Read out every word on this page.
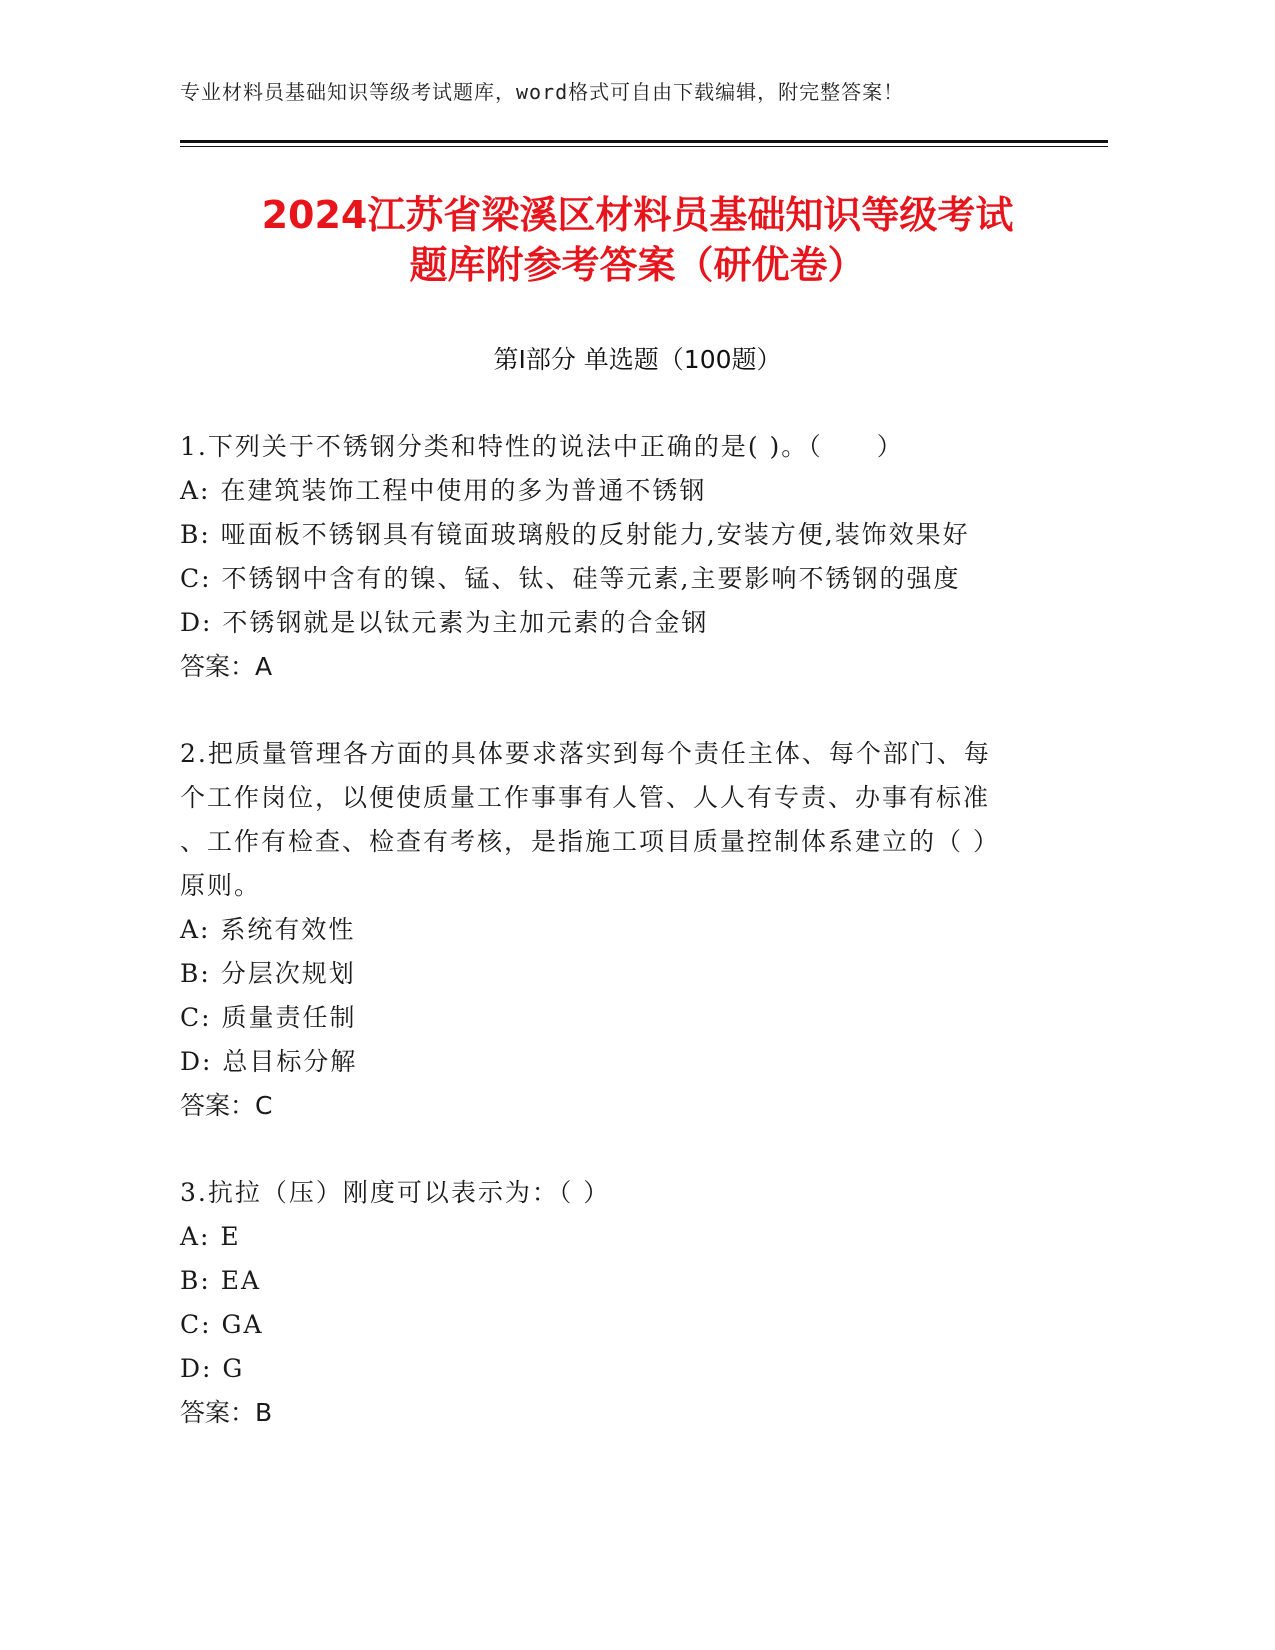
专业材料员基础知识等级考试题库，word格式可自由下载编辑，附完整答案！
2024江苏省梁溪区材料员基础知识等级考试
题库附参考答案（研优卷）
第Ⅰ部分 单选题（100题）
1.下列关于不锈钢分类和特性的说法中正确的是( )。（　　）
A: 在建筑装饰工程中使用的多为普通不锈钢
B: 哑面板不锈钢具有镜面玻璃般的反射能力,安装方便,装饰效果好
C: 不锈钢中含有的镍、锰、钛、硅等元素,主要影响不锈钢的强度
D: 不锈钢就是以钛元素为主加元素的合金钢
答案：A
2.把质量管理各方面的具体要求落实到每个责任主体、每个部门、每
个工作岗位，以便使质量工作事事有人管、人人有专责、办事有标准
、工作有检查、检查有考核，是指施工项目质量控制体系建立的（ ）
原则。
A: 系统有效性
B: 分层次规划
C: 质量责任制
D: 总目标分解
答案：C
3.抗拉（压）刚度可以表示为：（ ）
A: E
B: EA
C: GA
D: G
答案：B
